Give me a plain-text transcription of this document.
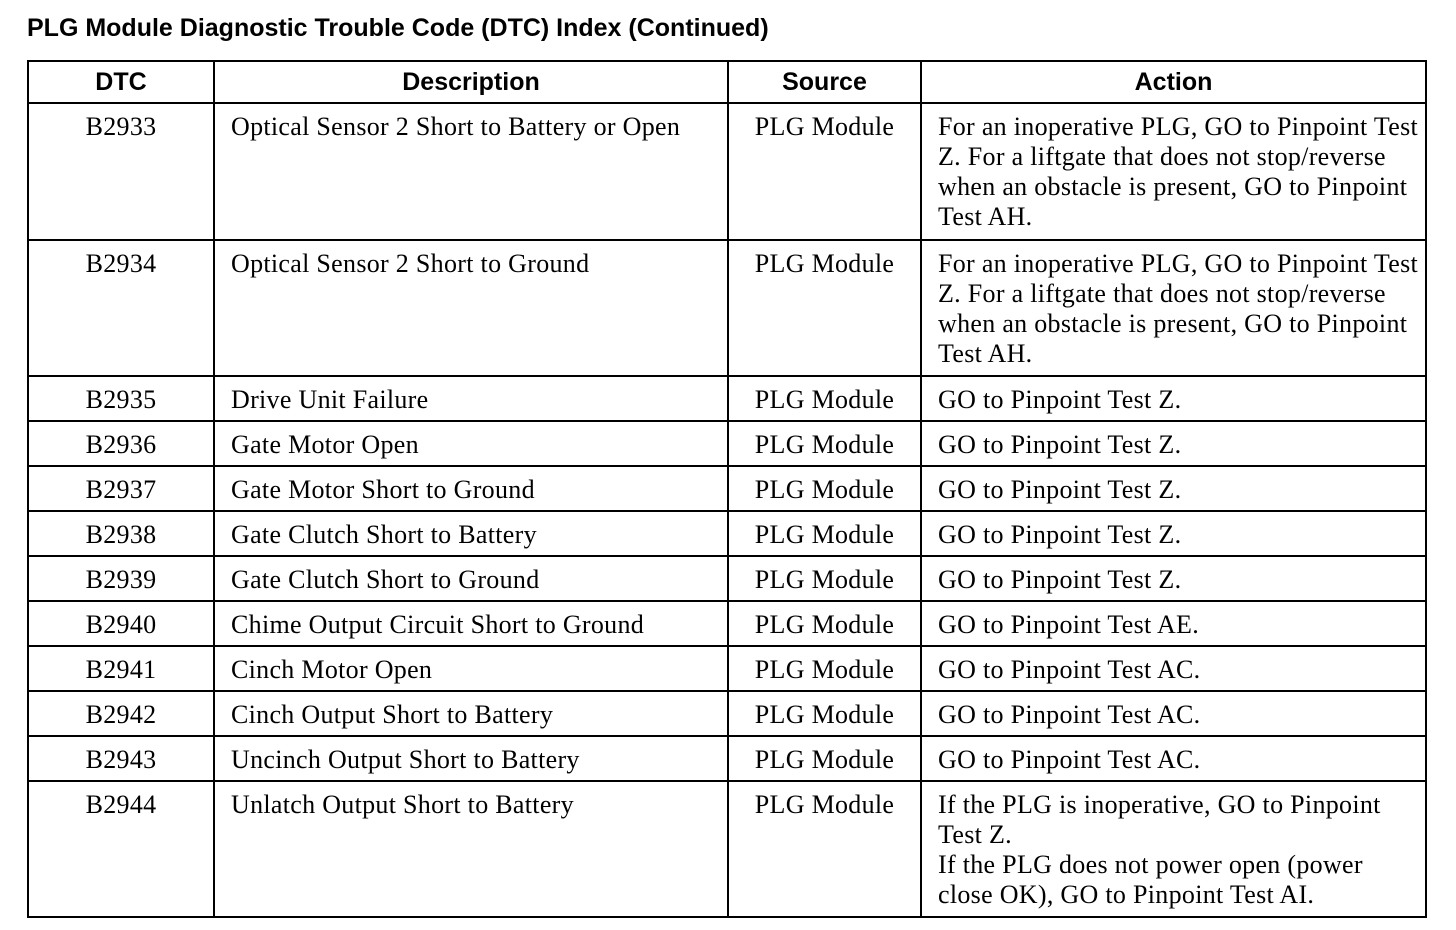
PLG Module Diagnostic Trouble Code (DTC) Index (Continued)
DTC	Description	Source	Action
B2933	Optical Sensor 2 Short to Battery or Open	PLG Module	For an inoperative PLG, GO to Pinpoint Test Z. For a liftgate that does not stop/reverse when an obstacle is present, GO to Pinpoint Test AH.
B2934	Optical Sensor 2 Short to Ground	PLG Module	For an inoperative PLG, GO to Pinpoint Test Z. For a liftgate that does not stop/reverse when an obstacle is present, GO to Pinpoint Test AH.
B2935	Drive Unit Failure	PLG Module	GO to Pinpoint Test Z.
B2936	Gate Motor Open	PLG Module	GO to Pinpoint Test Z.
B2937	Gate Motor Short to Ground	PLG Module	GO to Pinpoint Test Z.
B2938	Gate Clutch Short to Battery	PLG Module	GO to Pinpoint Test Z.
B2939	Gate Clutch Short to Ground	PLG Module	GO to Pinpoint Test Z.
B2940	Chime Output Circuit Short to Ground	PLG Module	GO to Pinpoint Test AE.
B2941	Cinch Motor Open	PLG Module	GO to Pinpoint Test AC.
B2942	Cinch Output Short to Battery	PLG Module	GO to Pinpoint Test AC.
B2943	Uncinch Output Short to Battery	PLG Module	GO to Pinpoint Test AC.
B2944	Unlatch Output Short to Battery	PLG Module	If the PLG is inoperative, GO to Pinpoint Test Z.
If the PLG does not power open (power close OK), GO to Pinpoint Test AI.
